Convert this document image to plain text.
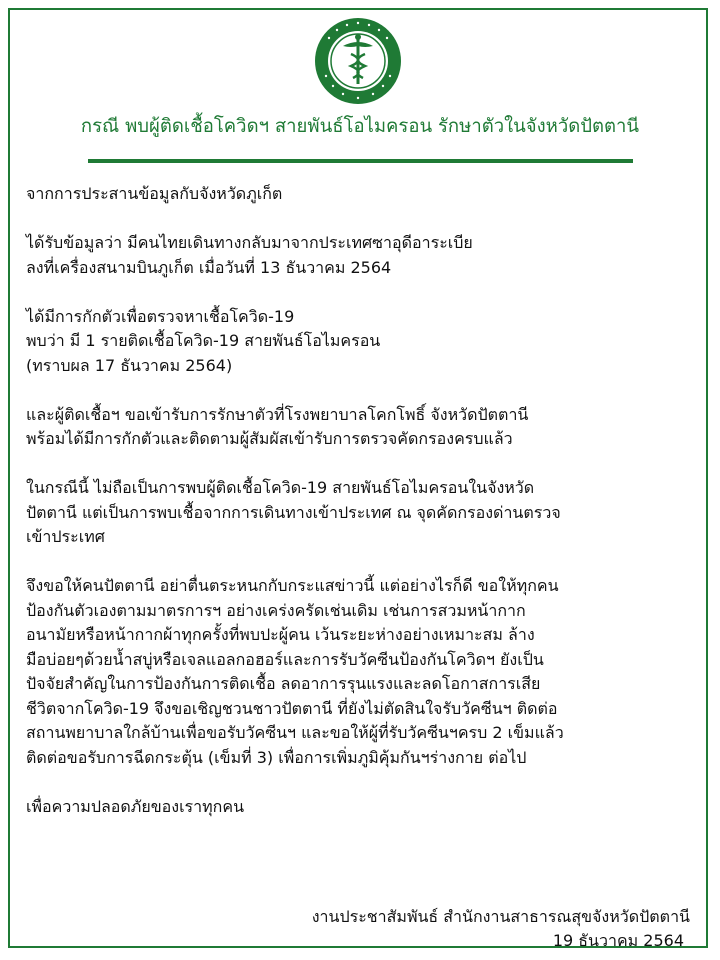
กรณี พบผู้ติดเชื้อโควิดฯ สายพันธ์โอไมครอน รักษาตัวในจังหวัดปัตตานี

จากการประสานข้อมูลกับจังหวัดภูเก็ต

ได้รับข้อมูลว่า มีคนไทยเดินทางกลับมาจากประเทศซาอุดีอาระเบีย
ลงที่เครื่องสนามบินภูเก็ต เมื่อวันที่ 13 ธันวาคม 2564

ได้มีการกักตัวเพื่อตรวจหาเชื้อโควิด-19
พบว่า มี 1 รายติดเชื้อโควิด-19 สายพันธ์โอไมครอน
(ทราบผล 17 ธันวาคม 2564)

และผู้ติดเชื้อฯ ขอเข้ารับการรักษาตัวที่โรงพยาบาลโคกโพธิ์ จังหวัดปัตตานี
พร้อมได้มีการกักตัวและติดตามผู้สัมผัสเข้ารับการตรวจคัดกรองครบแล้ว

ในกรณีนี้ ไม่ถือเป็นการพบผู้ติดเชื้อโควิด-19 สายพันธ์โอไมครอนในจังหวัด
ปัตตานี แต่เป็นการพบเชื้อจากการเดินทางเข้าประเทศ ณ จุดคัดกรองด่านตรวจ
เข้าประเทศ

จึงขอให้คนปัตตานี อย่าตื่นตระหนกกับกระแสข่าวนี้ แต่อย่างไรก็ดี ขอให้ทุกคน
ป้องกันตัวเองตามมาตรการฯ อย่างเคร่งครัดเช่นเดิม เช่นการสวมหน้ากาก
อนามัยหรือหน้ากากผ้าทุกครั้งที่พบปะผู้คน เว้นระยะห่างอย่างเหมาะสม ล้าง
มือบ่อยๆด้วยน้ำสบู่หรือเจลแอลกอฮอร์และการรับวัคซีนป้องกันโควิดฯ ยังเป็น
ปัจจัยสำคัญในการป้องกันการติดเชื้อ ลดอาการรุนแรงและลดโอกาสการเสีย
ชีวิตจากโควิด-19 จึงขอเชิญชวนชาวปัตตานี ที่ยังไม่ตัดสินใจรับวัคซีนฯ ติดต่อ
สถานพยาบาลใกล้บ้านเพื่อขอรับวัคซีนฯ และขอให้ผู้ที่รับวัคซีนฯครบ 2 เข็มแล้ว
ติดต่อขอรับการฉีดกระตุ้น (เข็มที่ 3) เพื่อการเพิ่มภูมิคุ้มกันฯร่างกาย ต่อไป

เพื่อความปลอดภัยของเราทุกคน

งานประชาสัมพันธ์ สำนักงานสาธารณสุขจังหวัดปัตตานี
19 ธันวาคม 2564
